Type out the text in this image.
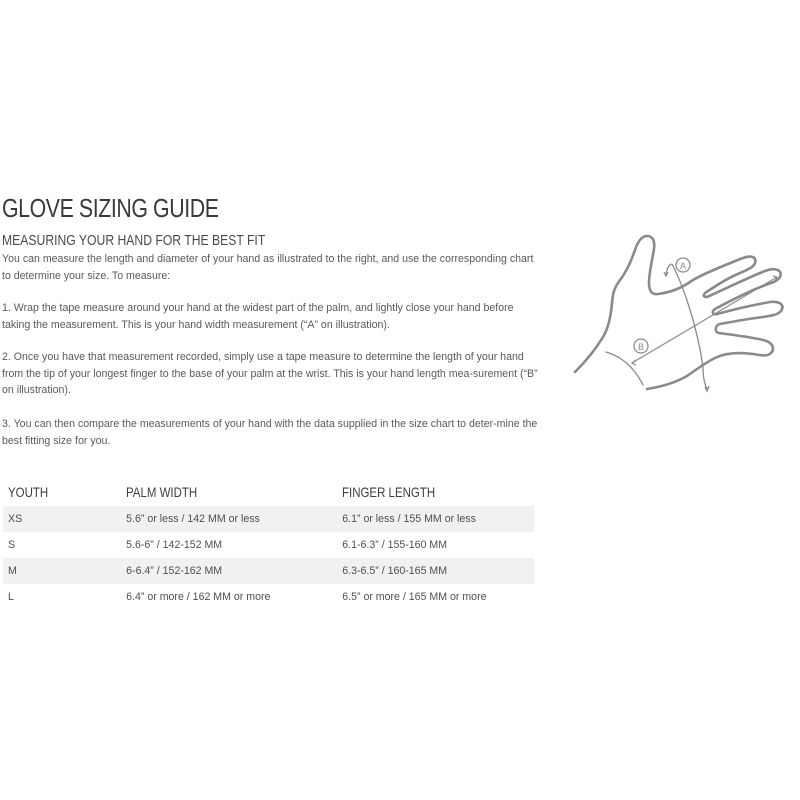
GLOVE SIZING GUIDE
MEASURING YOUR HAND FOR THE BEST FIT

You can measure the length and diameter of your hand as illustrated to the right, and use the corresponding chart to determine your size. To measure:

1. Wrap the tape measure around your hand at the widest part of the palm, and lightly close your hand before taking the measurement. This is your hand width measurement (“A” on illustration).

2. Once you have that measurement recorded, simply use a tape measure to determine the length of your hand from the tip of your longest finger to the base of your palm at the wrist. This is your hand length mea-surement (“B” on illustration).

3. You can then compare the measurements of your hand with the data supplied in the size chart to deter-mine the best fitting size for you.

A
B
YOUTH	PALM WIDTH	FINGER LENGTH
XS	5.6” or less / 142 MM or less	6.1” or less / 155 MM or less
S	5.6-6” / 142-152 MM	6.1-6.3” / 155-160 MM
M	6-6.4” / 152-162 MM	6.3-6.5” / 160-165 MM
L	6.4” or more / 162 MM or more	6.5” or more / 165 MM or more
